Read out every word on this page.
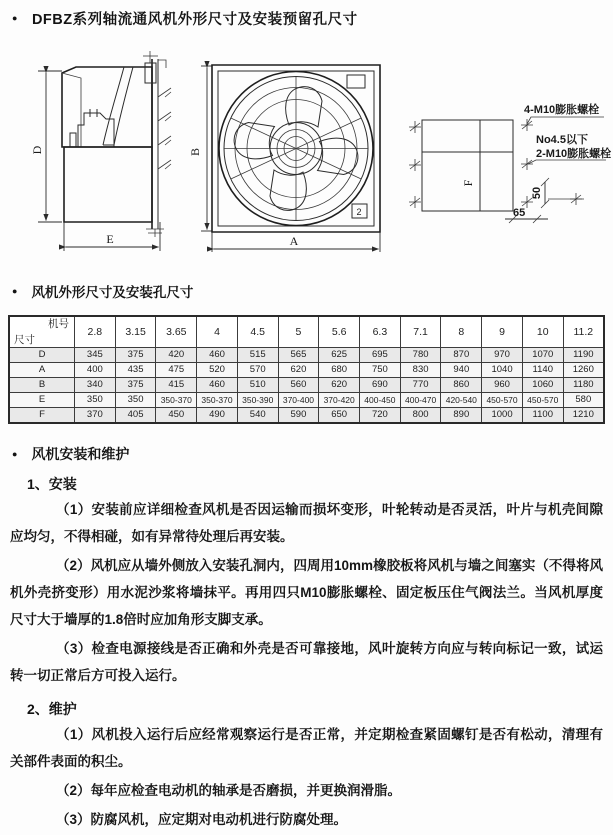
● DFBZ系列轴流通风机外形尺寸及安装预留孔尺寸
D
E
B
2
A
F
4-M10膨胀螺栓
No4.5以下
2-M10膨胀螺栓
50
65
● 风机外形尺寸及安装孔尺寸
机号
尺寸	2.8	3.15	3.65	4	4.5	5	5.6	6.3	7.1	8	9	10	11.2
D	345	375	420	460	515	565	625	695	780	870	970	1070	1190
A	400	435	475	520	570	620	680	750	830	940	1040	1140	1260
B	340	375	415	460	510	560	620	690	770	860	960	1060	1180
E	350	350	350-370	350-370	350-390	370-400	370-420	400-450	400-470	420-540	450-570	450-570	580
F	370	405	450	490	540	590	650	720	800	890	1000	1100	1210
● 风机安装和维护
1、安装

（1）安装前应详细检查风机是否因运输而损坏变形，叶轮转动是否灵活，叶片与机壳间隙应均匀，不得相碰，如有异常待处理后再安装。

（2）风机应从墙外侧放入安装孔洞内，四周用10mm橡胶板将风机与墙之间塞实（不得将风机外壳挤变形）用水泥沙浆将墙抹平。再用四只M10膨胀螺栓、固定板压住气阀法兰。当风机厚度尺寸大于墙厚的1.8倍时应加角形支脚支承。

（3）检查电源接线是否正确和外壳是否可靠接地，风叶旋转方向应与转向标记一致，试运转一切正常后方可投入运行。

2、维护

（1）风机投入运行后应经常观察运行是否正常，并定期检查紧固螺钉是否有松动，清理有关部件表面的积尘。

（2）每年应检查电动机的轴承是否磨损，并更换润滑脂。

（3）防腐风机，应定期对电动机进行防腐处理。
